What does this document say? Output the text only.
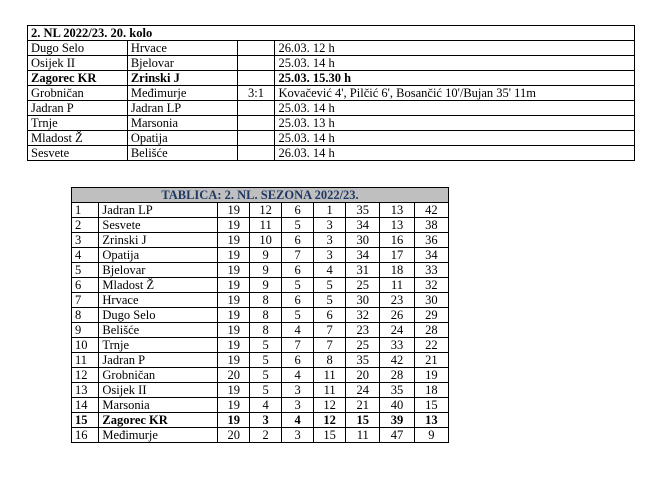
2. NL 2022/23. 20. kolo			
Dugo Selo	Hrvace		26.03. 12 h
Osijek II	Bjelovar		25.03. 14 h
Zagorec KR	Zrinski J		25.03. 15.30 h
Grobničan	Međimurje	3:1	Kovačević 4', Pilčić 6', Bosančić 10'/Bujan 35' 11m
Jadran P	Jadran LP		25.03. 14 h
Trnje	Marsonia		25.03. 13 h
Mladost Ž	Opatija		25.03. 14 h
Sesvete	Belišće		26.03. 14 h
TABLICA: 2. NL. SEZONA 2022/23.								
1	Jadran LP	19	12	6	1	35	13	42
2	Sesvete	19	11	5	3	34	13	38
3	Zrinski J	19	10	6	3	30	16	36
4	Opatija	19	9	7	3	34	17	34
5	Bjelovar	19	9	6	4	31	18	33
6	Mladost Ž	19	9	5	5	25	11	32
7	Hrvace	19	8	6	5	30	23	30
8	Dugo Selo	19	8	5	6	32	26	29
9	Belišće	19	8	4	7	23	24	28
10	Trnje	19	5	7	7	25	33	22
11	Jadran P	19	5	6	8	35	42	21
12	Grobničan	20	5	4	11	20	28	19
13	Osijek II	19	5	3	11	24	35	18
14	Marsonia	19	4	3	12	21	40	15
15	Zagorec KR	19	3	4	12	15	39	13
16	Međimurje	20	2	3	15	11	47	9
